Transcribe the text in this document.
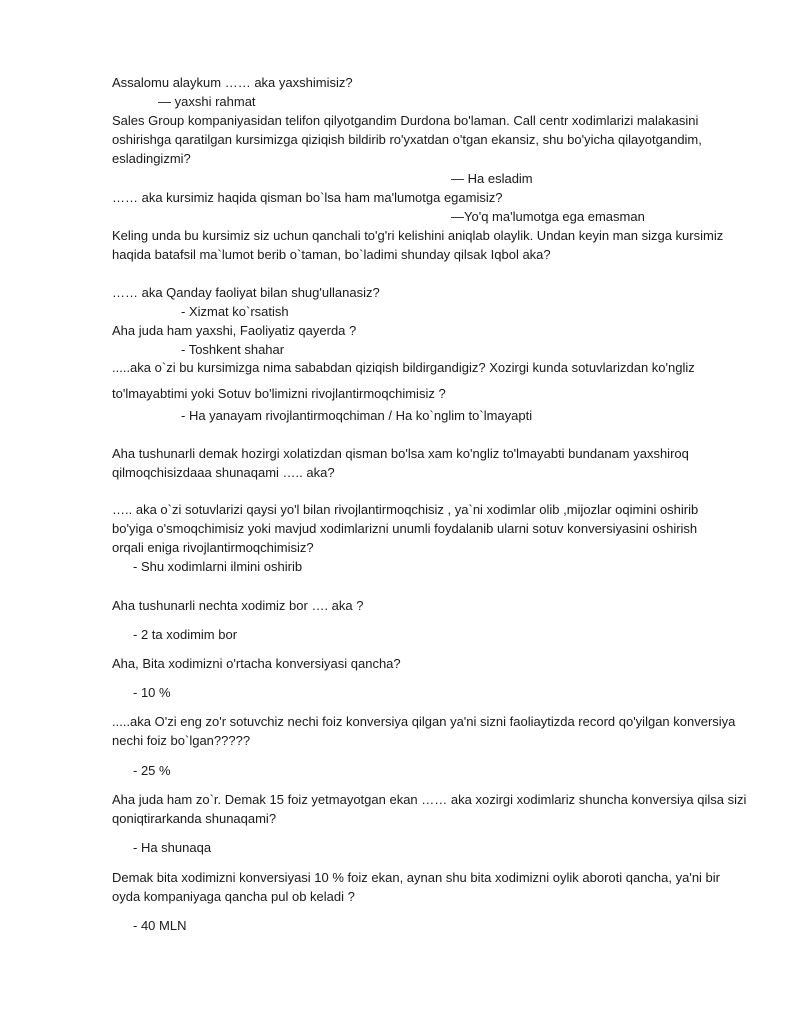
Assalomu alaykum …… aka yaxshimisiz?
— yaxshi rahmat
Sales Group kompaniyasidan telifon qilyotgandim Durdona bo'laman. Call centr xodimlarizi malakasini
oshirishga qaratilgan kursimizga qiziqish bildirib ro'yxatdan o'tgan ekansiz, shu bo'yicha qilayotgandim,
esladingizmi?
— Ha esladim
…… aka kursimiz haqida qisman bo`lsa ham ma'lumotga egamisiz?
—Yo'q ma'lumotga ega emasman
Keling unda bu kursimiz siz uchun qanchali to'g'ri kelishini aniqlab olaylik. Undan keyin man sizga kursimiz
haqida batafsil ma`lumot berib o`taman, bo`ladimi shunday qilsak Iqbol aka?
…… aka Qanday faoliyat bilan shug'ullanasiz?
- Xizmat ko`rsatish
Aha juda ham yaxshi, Faoliyatiz qayerda ?
- Toshkent shahar
.....aka o`zi bu kursimizga nima sababdan qiziqish bildirgandigiz? Xozirgi kunda sotuvlarizdan ko'ngliz
to'lmayabtimi yoki Sotuv bo'limizni rivojlantirmoqchimisiz ?
- Ha yanayam rivojlantirmoqchiman / Ha ko`nglim to`lmayapti
Aha tushunarli demak hozirgi xolatizdan qisman bo'lsa xam ko'ngliz to'lmayabti bundanam yaxshiroq
qilmoqchisizdaaa shunaqami ….. aka?
….. aka o`zi sotuvlarizi qaysi yo'l bilan rivojlantirmoqchisiz , ya`ni xodimlar olib ,mijozlar oqimini oshirib
bo'yiga o'smoqchimisiz yoki mavjud xodimlarizni unumli foydalanib ularni sotuv konversiyasini oshirish
orqali eniga rivojlantirmoqchimisiz?
- Shu xodimlarni ilmini oshirib
Aha tushunarli nechta xodimiz bor …. aka ?
- 2 ta xodimim bor
Aha, Bita xodimizni o'rtacha konversiyasi qancha?
- 10 %
.....aka O'zi eng zo'r sotuvchiz nechi foiz konversiya qilgan ya'ni sizni faoliaytizda record qo'yilgan konversiya
nechi foiz bo`lgan?????
- 25 %
Aha juda ham zo`r. Demak 15 foiz yetmayotgan ekan …… aka xozirgi xodimlariz shuncha konversiya qilsa sizi
qoniqtirarkanda shunaqami?
- Ha shunaqa
Demak bita xodimizni konversiyasi 10 % foiz ekan, aynan shu bita xodimizni oylik aboroti qancha, ya'ni bir
oyda kompaniyaga qancha pul ob keladi ?
- 40 MLN
